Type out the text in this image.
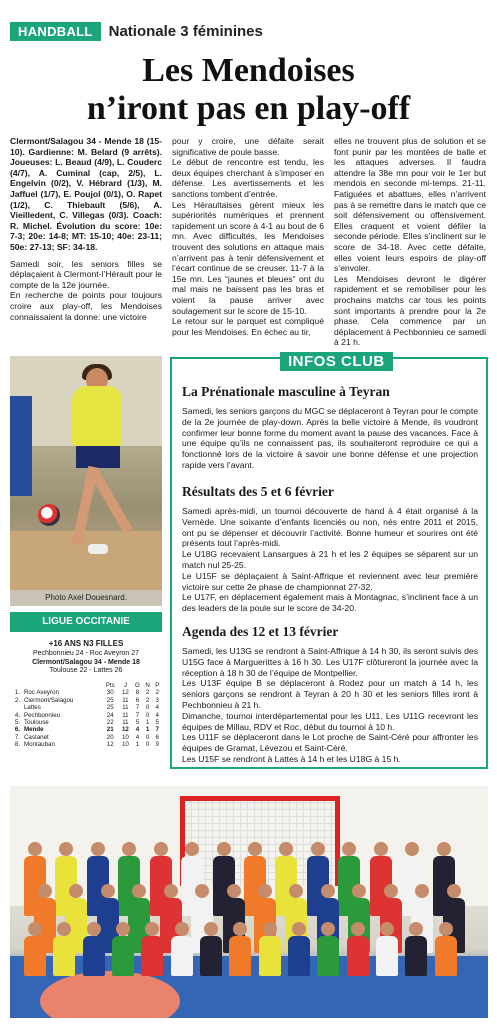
HANDBALL	Nationale 3 féminines
Les Mendoises
n’iront pas en play-off

Clermont/Salagou 34 - Mende 18 (15-10). Gardienne: M. Belard (9 arrêts). Joueuses: L. Beaud (4/9), L. Couderc (4/7), A. Cuminal (cap, 2/5), L. Engelvin (0/2), V. Hébrard (1/3), M. Jaffuel (1/7), E. Poujol (0/1), O. Rapet (1/2), C. Thiebault (5/6), A. Vieilledent, C. Villegas (0/3). Coach: R. Michel. Évolution du score: 10e: 7-3; 20e: 14-8; MT: 15-10; 40e: 23-11; 50e: 27-13; SF: 34-18.

Samedi soir, les seniors filles se déplaçaient à Clermont-l’Hérault pour le compte de la 12e journée.

En recherche de points pour toujours croire aux play-off, les Mendoises connaissaient la donne: une victoire

pour y croire, une défaite serait significative de poule basse.

Le début de rencontre est tendu, les deux équipes cherchant à s’imposer en défense. Les avertissements et les sanctions tombent d’entrée.

Les Héraultaises gèrent mieux les supériorités numériques et prennent rapidement un score à 4-1 au bout de 6 mn. Avec difficultés, les Mendoises trouvent des solutions en attaque mais n’arrivent pas à tenir défensivement et l’écart continue de se creuser. 11-7 à la 15e mn. Les “jaunes et bleues” ont du mal mais ne baissent pas les bras et voient la pause arriver avec soulagement sur le score de 15-10.

Le retour sur le parquet est compliqué pour les Mendoises. En échec au tir,

elles ne trouvent plus de solution et se font punir par les montées de balle et les attaques adverses. Il faudra attendre la 38e mn pour voir le 1er but mendois en seconde mi-temps. 21-11. Fatiguées et abattues, elles n’arrivent pas à se remettre dans le match que ce soit défensivement ou offensivement. Elles craquent et voient défiler la seconde période. Elles s’inclinent sur le score de 34-18. Avec cette défaite, elles voient leurs espoirs de play-off s’envoler.

Les Mendoises devront le digérer rapidement et se remobiliser pour les prochains matchs car tous les points sont importants à prendre pour la 2e phase. Cela commence par un déplacement à Pechbonnieu ce samedi à 21 h.

Photo Axel Douesnard.
LIGUE OCCITANIE
+16 ANS N3 FILLES
Pechbonnieu 24 - Roc Aveyron 27
Clermont/Salagou 34 - Mende 18
Toulouse 22 - Lattes 26
		Pts	J	G	N	P
1.	Roc Aveyron	30	12	8	2	2
2.	Clermont/Salagou	25	11	6	2	3
	Lattes	25	11	7	0	4
4.	Pechbonnieu	24	11	7	0	4
5.	Toulouse	22	11	5	1	5
6.	Mende	21	12	4	1	7
7.	Castanet	20	10	4	0	6
8.	Montauban	12	10	1	0	9
INFOS CLUB
La Prénationale masculine à Teyran

Samedi, les seniors garçons du MGC se déplaceront à Teyran pour le compte de la 2e journée de play-down. Après la belle victoire à Mende, ils voudront confirmer leur bonne forme du moment avant la pause des vacances. Face à une équipe qu’ils ne connaissent pas, ils souhaiteront reproduire ce qui a fonctionné lors de la victoire à savoir une bonne défense et une projection rapide vers l’avant.

Résultats des 5 et 6 février

Samedi après-midi, un tournoi découverte de hand à 4 était organisé à la Vernède. Une soixante d’enfants licenciés ou non, nés entre 2011 et 2015, ont pu se dépenser et découvrir l’activité. Bonne humeur et sourires ont été présents tout l’après-midi.

Le U18G recevaient Lansargues à 21 h et les 2 équipes se séparent sur un match nul 25-25.

Le U15F se déplaçaient à Saint-Affrique et reviennent avec leur première victoire sur cette 2e phase de championnat 27-32.

Le U17F, en déplacement également mais à Montagnac, s’inclinent face à un des leaders de la poule sur le score de 34-20.

Agenda des 12 et 13 février

Samedi, les U13G se rendront à Saint-Affrique à 14 h 30, ils seront suivis des U15G face à Marguerittes à 16 h 30. Les U17F clôtureront la journée avec la réception à 18 h 30 de l’équipe de Montpellier.

Les U13F équipe B se déplaceront à Rodez pour un match à 14 h, les seniors garçons se rendront à Teyran à 20 h 30 et les seniors filles iront à Pechbonnieu à 21 h.

Dimanche, tournoi interdépartemental pour les U11. Les U11G recevront les équipes de Millau, RDV et Roc, début du tournoi à 10 h.

Les U11F se déplaceront dans le Lot proche de Saint-Céré pour affronter les équipes de Gramat, Lévezou et Saint-Céré.

Les U15F se rendront à Lattes à 14 h et les U18G à 15 h.
